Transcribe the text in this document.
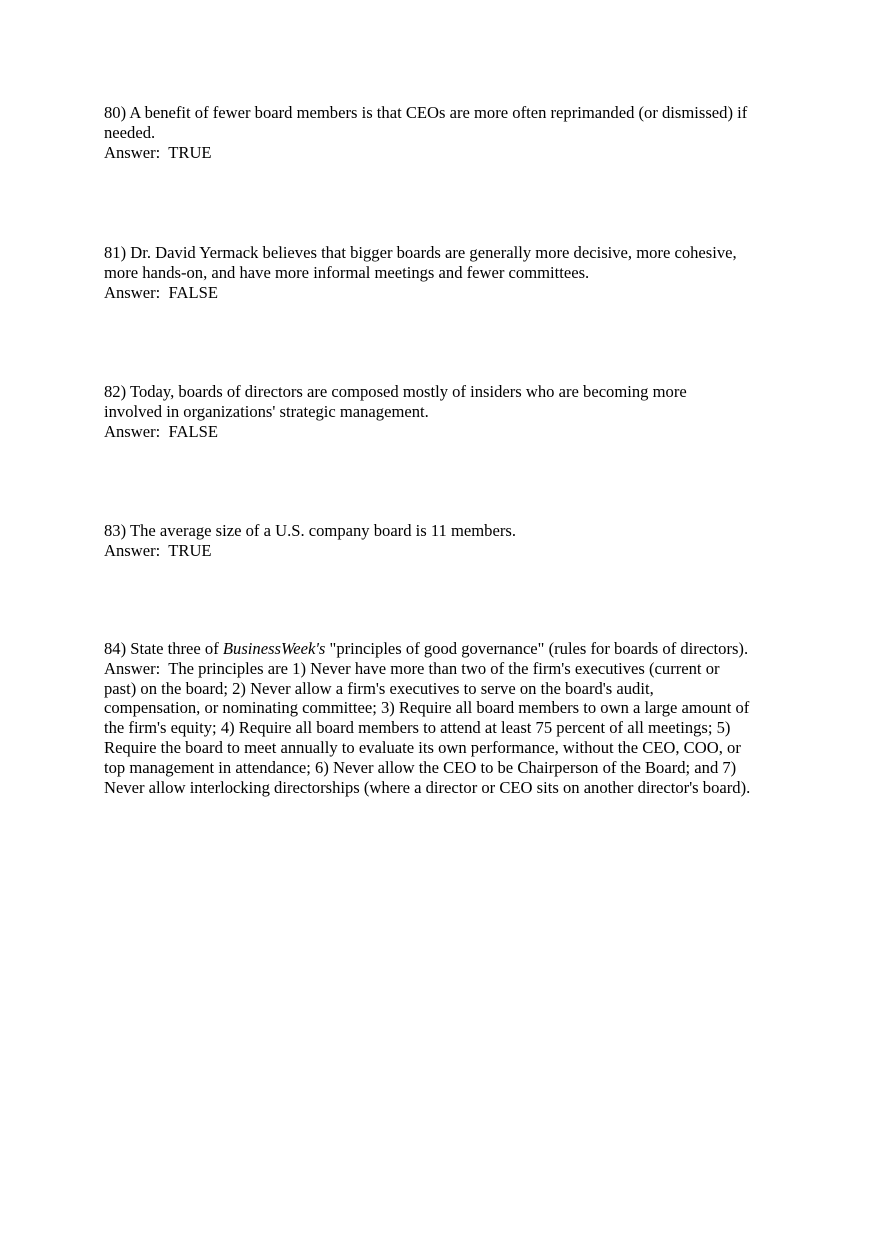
80) A benefit of fewer board members is that CEOs are more often reprimanded (or dismissed) if
needed.
Answer:  TRUE
81) Dr. David Yermack believes that bigger boards are generally more decisive, more cohesive,
more hands-on, and have more informal meetings and fewer committees.
Answer:  FALSE
82) Today, boards of directors are composed mostly of insiders who are becoming more
involved in organizations' strategic management.
Answer:  FALSE
83) The average size of a U.S. company board is 11 members.
Answer:  TRUE
84) State three of BusinessWeek's "principles of good governance" (rules for boards of directors).
Answer:  The principles are 1) Never have more than two of the firm's executives (current or
past) on the board; 2) Never allow a firm's executives to serve on the board's audit,
compensation, or nominating committee; 3) Require all board members to own a large amount of
the firm's equity; 4) Require all board members to attend at least 75 percent of all meetings; 5)
Require the board to meet annually to evaluate its own performance, without the CEO, COO, or
top management in attendance; 6) Never allow the CEO to be Chairperson of the Board; and 7)
Never allow interlocking directorships (where a director or CEO sits on another director's board).
